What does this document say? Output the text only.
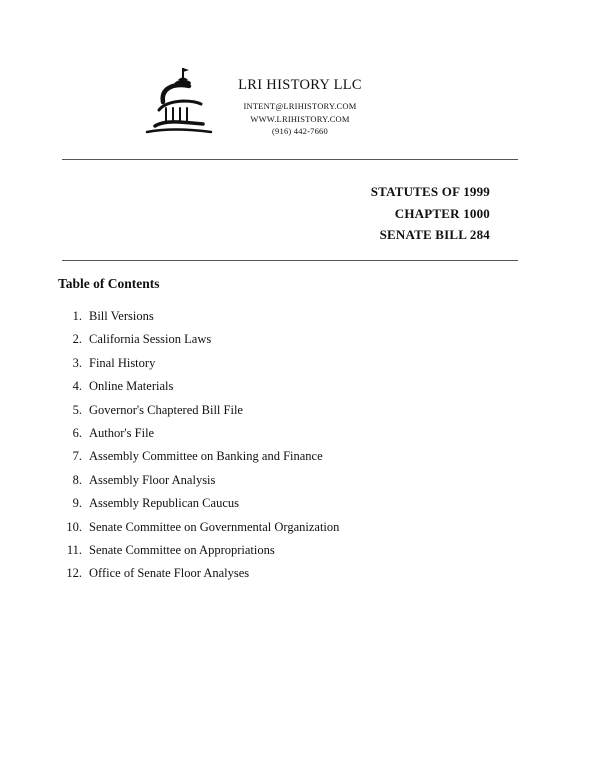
LRI HISTORY LLC
INTENT@LRIHISTORY.COM
WWW.LRIHISTORY.COM
(916) 442-7660
STATUTES OF 1999
CHAPTER 1000
SENATE BILL 284
Table of Contents
1. Bill Versions
2. California Session Laws
3. Final History
4. Online Materials
5. Governor's Chaptered Bill File
6. Author's File
7. Assembly Committee on Banking and Finance
8. Assembly Floor Analysis
9. Assembly Republican Caucus
10. Senate Committee on Governmental Organization
11. Senate Committee on Appropriations
12. Office of Senate Floor Analyses
